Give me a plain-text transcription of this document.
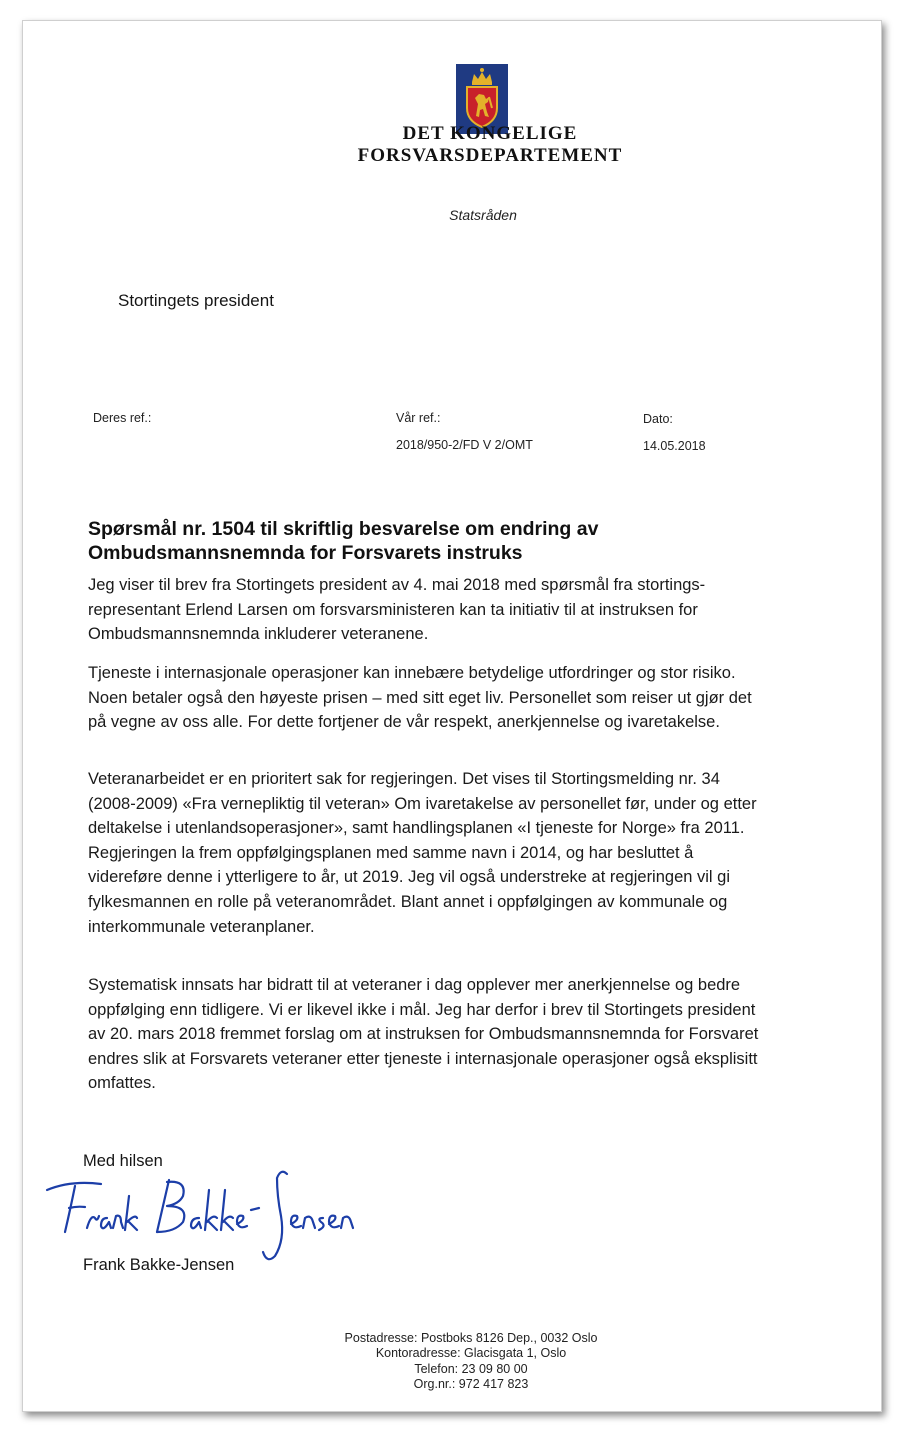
DET KONGELIGE
FORSVARSDEPARTEMENT
Statsråden
Stortingets president
Deres ref.:	Vår ref.:
2018/950-2/FD V 2/OMT
Dato:
14.05.2018
Spørsmål nr. 1504 til skriftlig besvarelse om endring av
Ombudsmannsnemnda for Forsvarets instruks
Jeg viser til brev fra Stortingets president av 4. mai 2018 med spørsmål fra stortings-
representant Erlend Larsen om forsvarsministeren kan ta initiativ til at instruksen for
Ombudsmannsnemnda inkluderer veteranene.
Tjeneste i internasjonale operasjoner kan innebære betydelige utfordringer og stor risiko.
Noen betaler også den høyeste prisen – med sitt eget liv. Personellet som reiser ut gjør det
på vegne av oss alle. For dette fortjener de vår respekt, anerkjennelse og ivaretakelse.
Veteranarbeidet er en prioritert sak for regjeringen. Det vises til Stortingsmelding nr. 34
(2008-2009) «Fra vernepliktig til veteran» Om ivaretakelse av personellet før, under og etter
deltakelse i utenlandsoperasjoner», samt handlingsplanen «I tjeneste for Norge» fra 2011.
Regjeringen la frem oppfølgingsplanen med samme navn i 2014, og har besluttet å
videreføre denne i ytterligere to år, ut 2019. Jeg vil også understreke at regjeringen vil gi
fylkesmannen en rolle på veteranområdet. Blant annet i oppfølgingen av kommunale og
interkommunale veteranplaner.
Systematisk innsats har bidratt til at veteraner i dag opplever mer anerkjennelse og bedre
oppfølging enn tidligere. Vi er likevel ikke i mål. Jeg har derfor i brev til Stortingets president
av 20. mars 2018 fremmet forslag om at instruksen for Ombudsmannsnemnda for Forsvaret
endres slik at Forsvarets veteraner etter tjeneste i internasjonale operasjoner også eksplisitt
omfattes.
Med hilsen
Frank Bakke-Jensen
Postadresse: Postboks 8126 Dep., 0032 Oslo
Kontoradresse: Glacisgata 1, Oslo
Telefon: 23 09 80 00
Org.nr.: 972 417 823
